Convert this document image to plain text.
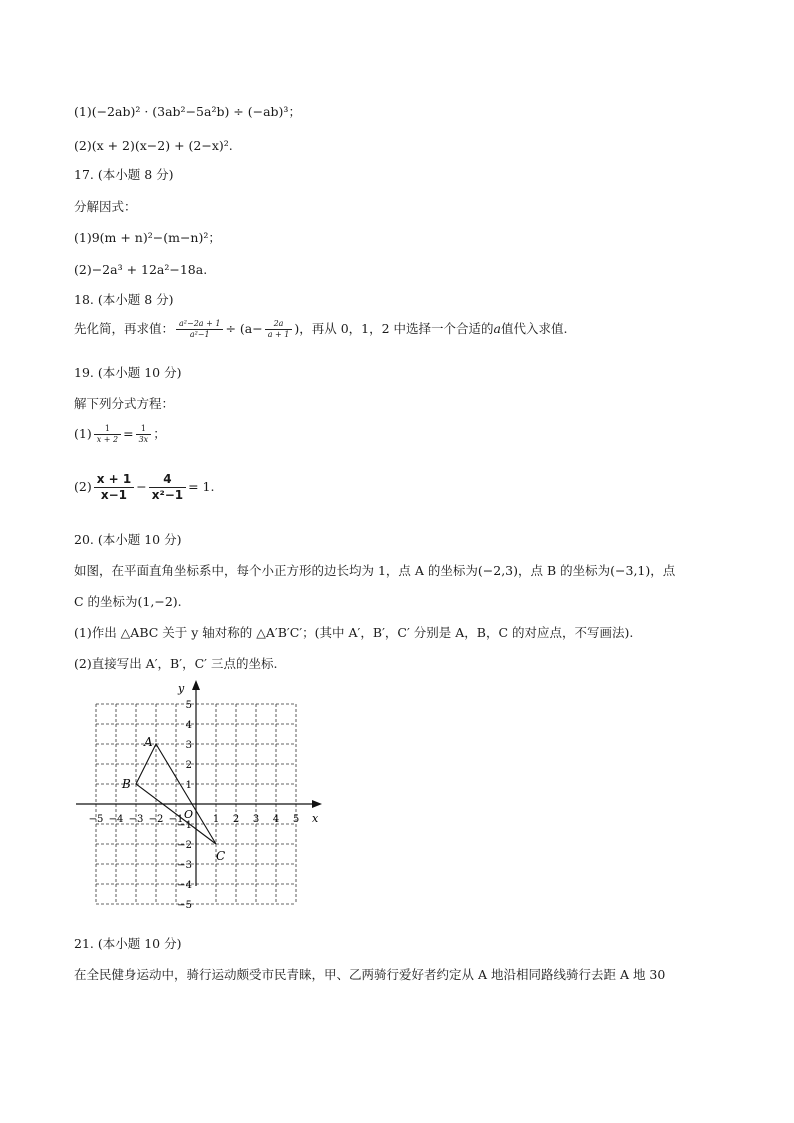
(1)(−2ab)² · (3ab²−5a²b) ÷ (−ab)³；
(2)(x + 2)(x−2) + (2−x)².
17. (本小题 8 分)
分解因式：
(1)9(m + n)²−(m−n)²；
(2)−2a³ + 12a²−18a.
18. (本小题 8 分)
先化简，再求值： $\frac{\text{a²−2a + 1}}{\text{a²−1}} \div (a- \frac{2a}{a + 1}$ )，再从 0，1，2 中选择一个合适的a值代入求值.
19. (本小题 10 分)
解下列分式方程：
$(1) \frac{1}{x + 2} = \frac{1}{3x}$ ；
$(2) \frac{x + 1}{x-1} - \frac{4}{\text{x²−1}} = 1$.
20. (本小题 10 分)
如图，在平面直角坐标系中，每个小正方形的边长均为 1，点 A 的坐标为(−2,3)，点 B 的坐标为(−3,1)，点
C 的坐标为(1,−2).
(1)作出 △ABC 关于 y 轴对称的 △A′B′C′；(其中 A′，B′，C′ 分别是 A，B，C 的对应点，不写画法).
(2)直接写出 A′，B′，C′ 三点的坐标.
x
y
O
−5 −4 −3 −2 −1	1 2 3 4 5
5
4
3
2
1
−1
−2
−3
−4
−5
A
B
C
21. (本小题 10 分)
在全民健身运动中，骑行运动颇受市民青睐，甲、乙两骑行爱好者约定从 A 地沿相同路线骑行去距 A 地 30
